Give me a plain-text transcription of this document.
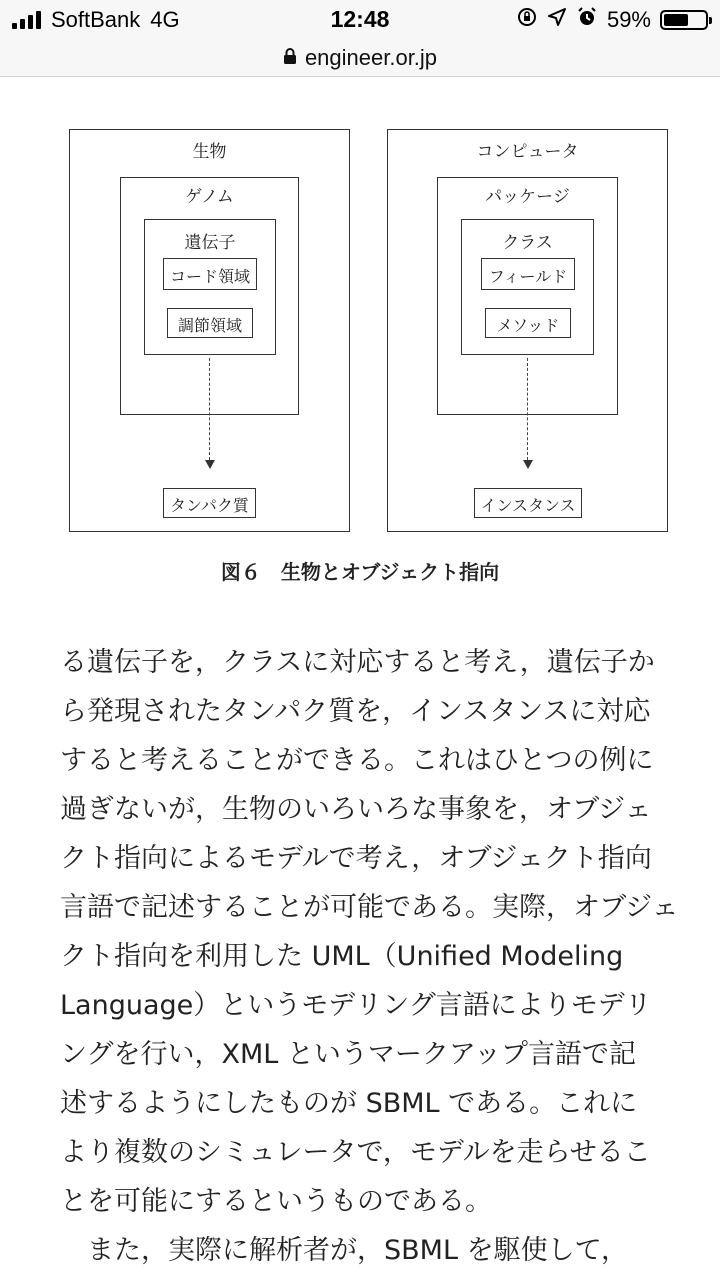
SoftBank 4G	12:48	59%
engineer.or.jp
生物
ゲノム
遺伝子
コード領域
調節領域
タンパク質
コンピュータ
パッケージ
クラス
フィールド
メソッド
インスタンス
図６　生物とオブジェクト指向

る遺伝子を，クラスに対応すると考え，遺伝子か

ら発現されたタンパク質を，インスタンスに対応

すると考えることができる。これはひとつの例に

過ぎないが，生物のいろいろな事象を，オブジェ

クト指向によるモデルで考え，オブジェクト指向

言語で記述することが可能である。実際，オブジェ

クト指向を利用した UML（Unified Modeling

Language）というモデリング言語によりモデリ

ングを行い，XML というマークアップ言語で記

述するようにしたものが SBML である。これに

より複数のシミュレータで，モデルを走らせるこ

とを可能にするというものである。

　また，実際に解析者が，SBML を駆使して，
